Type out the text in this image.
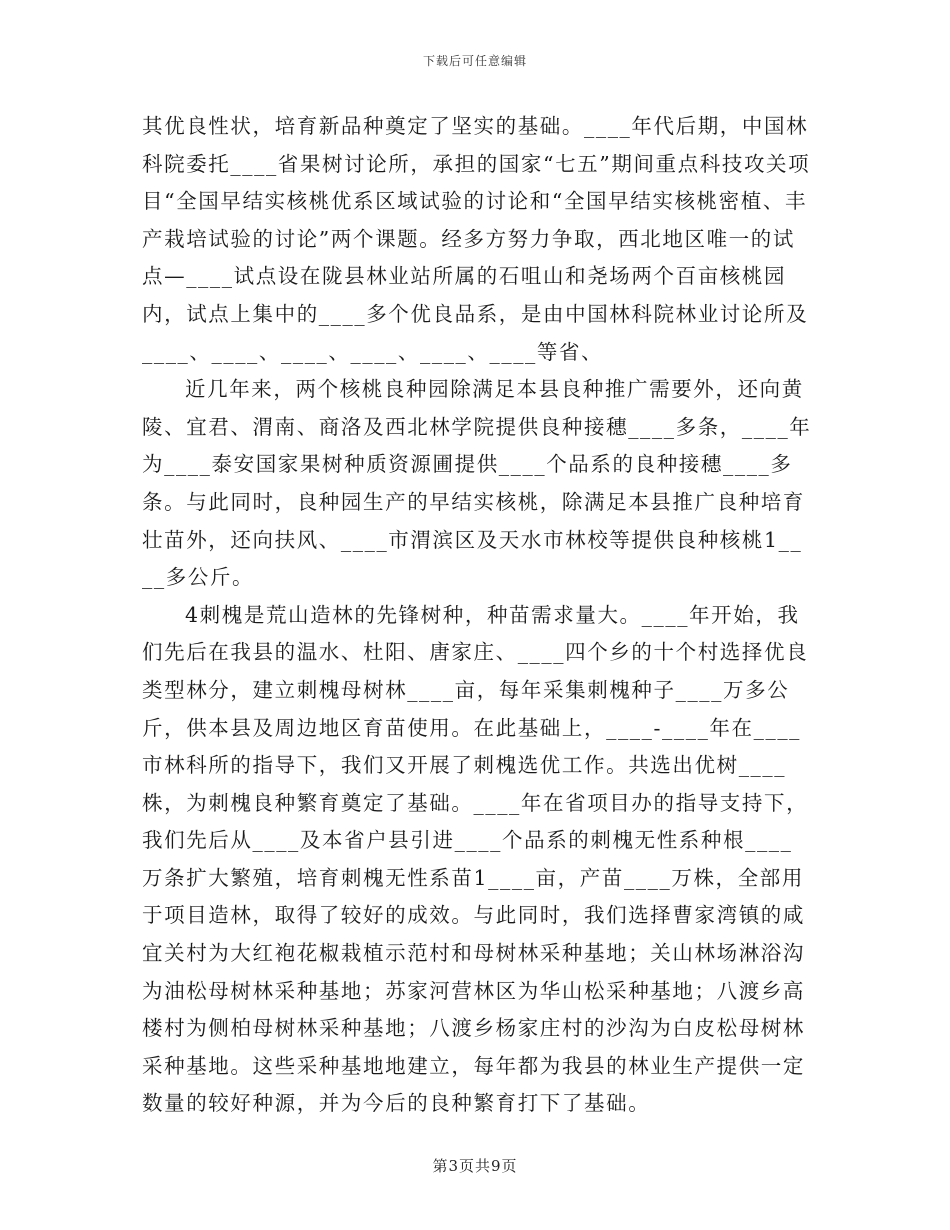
下载后可任意编辑

其优良性状，培育新品种奠定了坚实的基础。____年代后期，中国林科院委托____省果树讨论所，承担的国家“七五”期间重点科技攻关项目“全国早结实核桃优系区域试验的讨论和“全国早结实核桃密植、丰产栽培试验的讨论”两个课题。经多方努力争取，西北地区唯一的试点—____试点设在陇县林业站所属的石咀山和尧场两个百亩核桃园内，试点上集中的____多个优良品系，是由中国林科院林业讨论所及____、____、____、____、____、____等省、

近几年来，两个核桃良种园除满足本县良种推广需要外，还向黄陵、宜君、渭南、商洛及西北林学院提供良种接穗____多条，____年为____泰安国家果树种质资源圃提供____个品系的良种接穗____多条。与此同时，良种园生产的早结实核桃，除满足本县推广良种培育壮苗外，还向扶风、____市渭滨区及天水市林校等提供良种核桃1____多公斤。

4刺槐是荒山造林的先锋树种，种苗需求量大。____年开始，我们先后在我县的温水、杜阳、唐家庄、____四个乡的十个村选择优良类型林分，建立刺槐母树林____亩，每年采集刺槐种子____万多公斤，供本县及周边地区育苗使用。在此基础上，____-____年在____市林科所的指导下，我们又开展了刺槐选优工作。共选出优树____株，为刺槐良种繁育奠定了基础。____年在省项目办的指导支持下，我们先后从____及本省户县引进____个品系的刺槐无性系种根____万条扩大繁殖，培育刺槐无性系苗1____亩，产苗____万株，全部用于项目造林，取得了较好的成效。与此同时，我们选择曹家湾镇的咸宜关村为大红袍花椒栽植示范村和母树林采种基地；关山林场淋浴沟为油松母树林采种基地；苏家河营林区为华山松采种基地；八渡乡高楼村为侧柏母树林采种基地；八渡乡杨家庄村的沙沟为白皮松母树林采种基地。这些采种基地地建立，每年都为我县的林业生产提供一定数量的较好种源，并为今后的良种繁育打下了基础。

第3页共9页
